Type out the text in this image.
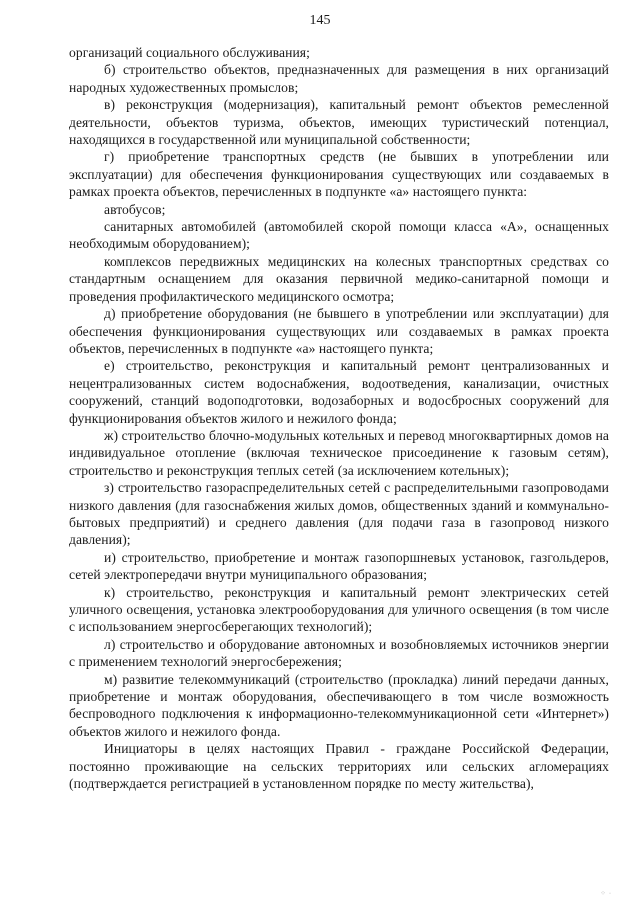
145

организаций социального обслуживания;

б) строительство объектов, предназначенных для размещения в них организаций народных художественных промыслов;

в) реконструкция (модернизация), капитальный ремонт объектов ремесленной деятельности, объектов туризма, объектов, имеющих туристический потенциал, находящихся в государственной или муниципальной собственности;

г) приобретение транспортных средств (не бывших в употреблении или эксплуатации) для обеспечения функционирования существующих или создаваемых в рамках проекта объектов, перечисленных в подпункте «а» настоящего пункта:

автобусов;

санитарных автомобилей (автомобилей скорой помощи класса «А», оснащенных необходимым оборудованием);

комплексов передвижных медицинских на колесных транспортных средствах со стандартным оснащением для оказания первичной медико-санитарной помощи и проведения профилактического медицинского осмотра;

д) приобретение оборудования (не бывшего в употреблении или эксплуатации) для обеспечения функционирования существующих или создаваемых в рамках проекта объектов, перечисленных в подпункте «а» настоящего пункта;

е) строительство, реконструкция и капитальный ремонт централизованных и нецентрализованных систем водоснабжения, водоотведения, канализации, очистных сооружений, станций водоподготовки, водозаборных и водосбросных сооружений для функционирования объектов жилого и нежилого фонда;

ж) строительство блочно-модульных котельных и перевод многоквартирных домов на индивидуальное отопление (включая техническое присоединение к газовым сетям), строительство и реконструкция теплых сетей (за исключением котельных);

з) строительство газораспределительных сетей с распределительными газопроводами низкого давления (для газоснабжения жилых домов, общественных зданий и коммунально-бытовых предприятий) и среднего давления (для подачи газа в газопровод низкого давления);

и) строительство, приобретение и монтаж газопоршневых установок, газгольдеров, сетей электропередачи внутри муниципального образования;

к) строительство, реконструкция и капитальный ремонт электрических сетей уличного освещения, установка электрооборудования для уличного освещения (в том числе с использованием энергосберегающих технологий);

л) строительство и оборудование автономных и возобновляемых источников энергии с применением технологий энергосбережения;

м) развитие телекоммуникаций (строительство (прокладка) линий передачи данных, приобретение и монтаж оборудования, обеспечивающего в том числе возможность беспроводного подключения к информационно-телекоммуникационной сети «Интернет») объектов жилого и нежилого фонда.

Инициаторы в целях настоящих Правил - граждане Российской Федерации, постоянно проживающие на сельских территориях или сельских агломерациях (подтверждается регистрацией в установленном порядке по месту жительства),

⁘ ·
